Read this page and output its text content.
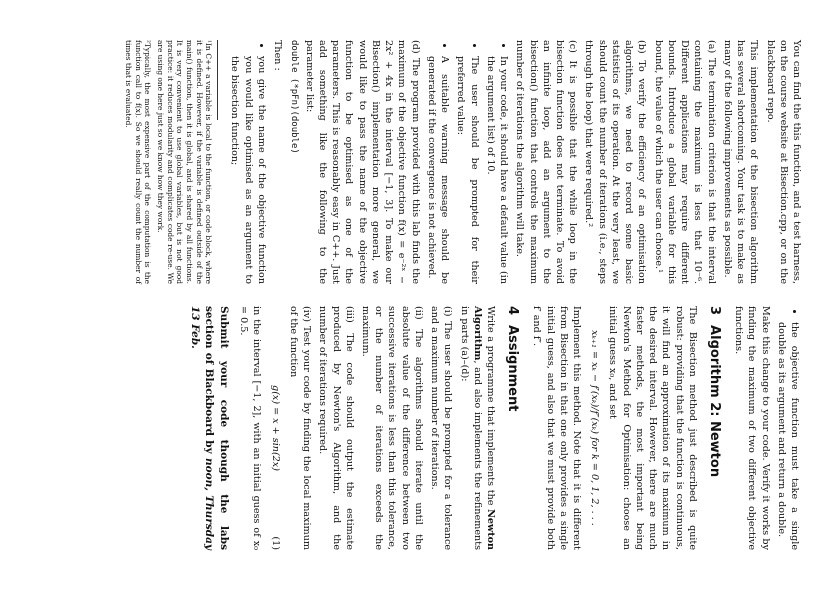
You can find the this function, and a test harness, on the course website at Bisection.cpp, or on the blackboard repo.

This implementation of the bisection algorithm has several shortcoming. Your task is to make as many of the following improvements as possible.

(a) The termination criterion is that the interval containing the maximum is less that 10⁻⁶. Different applications may require different bounds. Introduce a global variable for this bound, the value of which the user can choose.¹

(b) To verify the efficiency of an optimisation algorithms, we need to record some basic statistics of its operation. At the very least, we should count the number of iterations (i.e., steps through the loop) that were required.²

(c) It is possible that the while loop in the bisection function does not terminate. To avoid an infinite loop, add an argument to the bisection() function that controls the maximum number of iterations the algorithm will take.

• In your code, it should have a default value (in the argument list) of 10.
• The user should be prompted for their preferred value:
• A suitable warning message should be generated if the convergence is not achieved.

(d) The program provided with this lab finds the maximum of the objective function f(x) = e⁻²ˣ − 2x² + 4x in the interval [−1, 3]. To make our Bisection() implementation more general, we would like to pass the name of the objective function to be optimised as one of the parameters. This is reasonably easy in C++. Just add something like the following to the parameter list:

double (*pFn)(double)

Then :

• you give the name of the objective function you would like optimised as an argument to the bisection function;

¹In C++ a variable is local to the function, or code block, where it is defined. However, if the variable is defined outside of the main() function, then it is global, and is shared by all functions. It is very convenient to use global variables, but is not good practice: it reduces modularity and complicates code re-use. We are using one here just so we know how they work.

²Typically, the most expensive part of the computation is the function call to f(x). So we should really count the number of times that is evaluated.

• the objective function must take a single double as its argument and return a double.

Make this change to your code. Verify it works by finding the maximum of two different objective functions.

3Algorithm 2: Newton

The Bisection method just described is quite robust: providing that the function is continuous, it will find an approximation of its maximum in the desired interval. However, there are much faster methods, the most important being Newton's Method for Optimisation: choose an initial guess x₀, and set

xₖ₊₁ = xₖ − f′(xₖ)/f″(xₖ) for k = 0, 1, 2, . . .

Implement this method. Note that it is different from Bisection in that one only provides a single initial guess, and also that we must provide both f′ and f″.

4Assignment

Write a programme that implements the Newton Algorithm, and also implements the refinements in parts (a)–(d):

(i) The user should be prompted for a tolerance and a maximum number of iterations.

(ii) The algorithms should iterate until the absolute value of the difference between two successive iterations is less than this tolerance, or the number of iterations exceeds the maximum.

(iii) The code should output the estimate produced by Newton's Algorithm, and the number of iterations required.

(iv) Test your code by finding the local maximum of the function

g(x) = x + sin(2x)
(1)

in the interval [−1, 2], with an initial guess of x₀ = 0.5.

Submit your code though the labs section of Blackboard by noon, Thursday 13 Feb.
